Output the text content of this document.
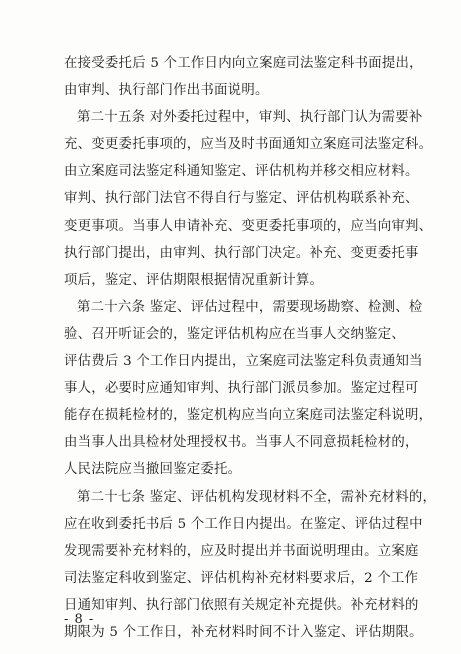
在接受委托后 5 个工作日内向立案庭司法鉴定科书面提出，
由审判、执行部门作出书面说明。
第二十五条 对外委托过程中，审判、执行部门认为需要补
充、变更委托事项的，应当及时书面通知立案庭司法鉴定科。
由立案庭司法鉴定科通知鉴定、评估机构并移交相应材料。
审判、执行部门法官不得自行与鉴定、评估机构联系补充、
变更事项。当事人申请补充、变更委托事项的，应当向审判、
执行部门提出，由审判、执行部门决定。补充、变更委托事
项后，鉴定、评估期限根据情况重新计算。
第二十六条 鉴定、评估过程中，需要现场勘察、检测、检
验、召开听证会的，鉴定评估机构应在当事人交纳鉴定、
评估费后 3 个工作日内提出，立案庭司法鉴定科负责通知当
事人，必要时应通知审判、执行部门派员参加。鉴定过程可
能存在损耗检材的，鉴定机构应当向立案庭司法鉴定科说明，
由当事人出具检材处理授权书。当事人不同意损耗检材的，
人民法院应当撤回鉴定委托。
第二十七条 鉴定、评估机构发现材料不全，需补充材料的，
应在收到委托书后 5 个工作日内提出。在鉴定、评估过程中
发现需要补充材料的，应及时提出并书面说明理由。立案庭
司法鉴定科收到鉴定、评估机构补充材料要求后，2 个工作
日通知审判、执行部门依照有关规定补充提供。补充材料的
期限为 5 个工作日，补充材料时间不计入鉴定、评估期限。
- 8 -
